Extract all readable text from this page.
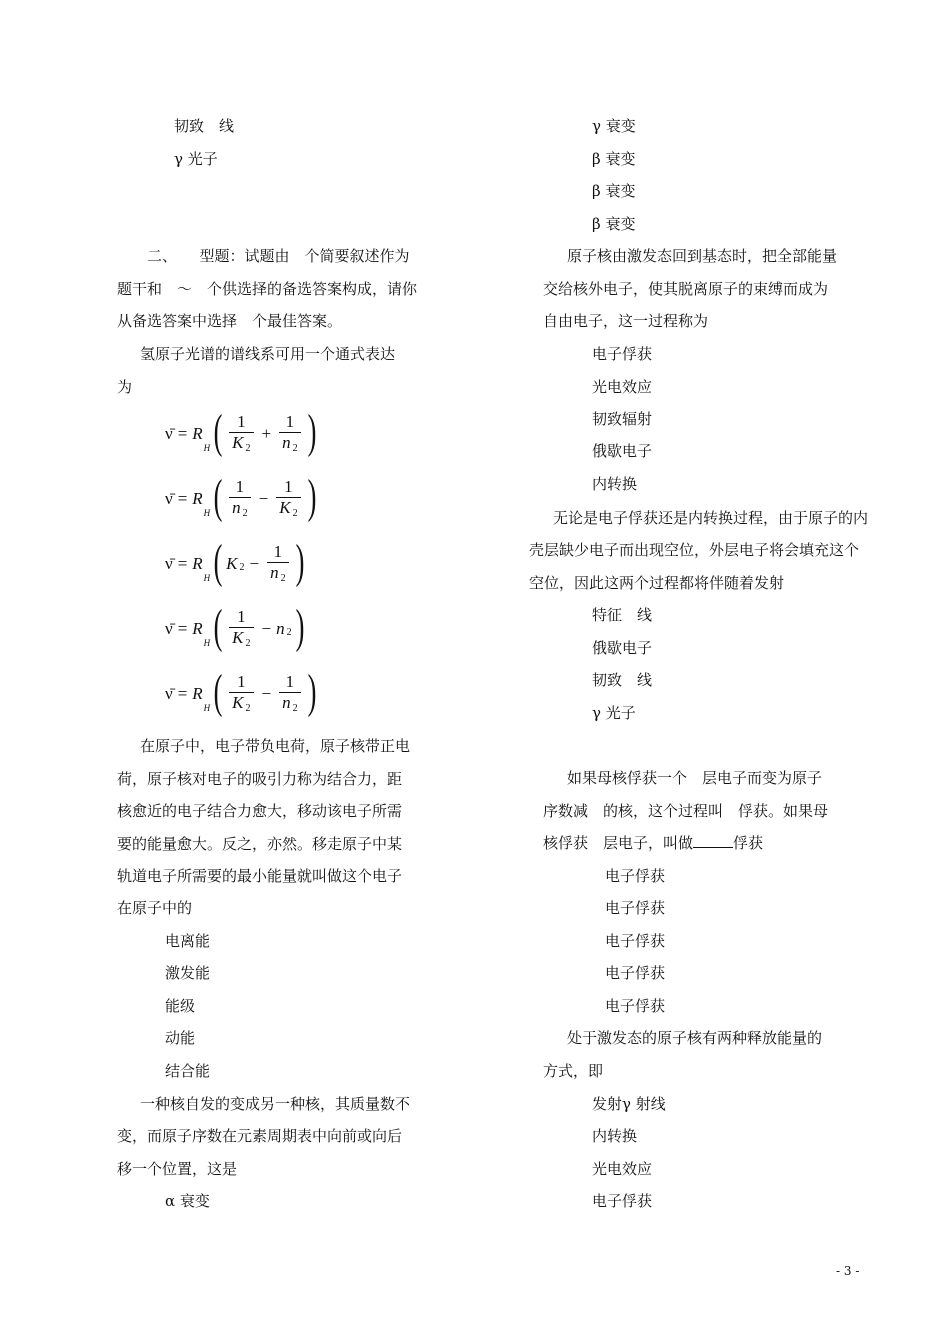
韧致　线
γ 光子
二、　　型题：试题由　个简要叙述作为
题干和　～　个供选择的备选答案构成，请你
从备选答案中选择　个最佳答案。
氢原子光谱的谱线系可用一个通式表达
为
ν̄ = R
H ( $\frac{1}{K 2} + \frac{1}{n 2}$ )
ν̄ = R
H ( $\frac{1}{n 2} - \frac{1}{K 2}$ )
ν̄ = R
H ( K $2 - \frac{1}{n 2}$ )
ν̄ = R
H ( $\frac{1}{K 2} - n$ 2 )
ν̄ = R
H ( $\frac{1}{K 2} - \frac{1}{n 2}$ )
在原子中，电子带负电荷，原子核带正电
荷，原子核对电子的吸引力称为结合力，距
核愈近的电子结合力愈大，移动该电子所需
要的能量愈大。反之，亦然。移走原子中某
轨道电子所需要的最小能量就叫做这个电子
在原子中的
电离能
激发能
能级
动能
结合能
一种核自发的变成另一种核，其质量数不
变，而原子序数在元素周期表中向前或向后
移一个位置，这是
α 衰变
γ 衰变
β 衰变
β 衰变
β 衰变
原子核由激发态回到基态时，把全部能量
交给核外电子，使其脱离原子的束缚而成为
自由电子，这一过程称为
电子俘获
光电效应
韧致辐射
俄歇电子
内转换
无论是电子俘获还是内转换过程，由于原子的内
壳层缺少电子而出现空位，外层电子将会填充这个
空位，因此这两个过程都将伴随着发射
特征　线
俄歇电子
韧致　线
γ 光子
如果母核俘获一个　层电子而变为原子
序数减　的核，这个过程叫　俘获。如果母
核俘获　层电子，叫做	俘获
电子俘获
电子俘获
电子俘获
电子俘获
电子俘获
处于激发态的原子核有两种释放能量的
方式，即
发射γ 射线
内转换
光电效应
电子俘获
- 3 -
